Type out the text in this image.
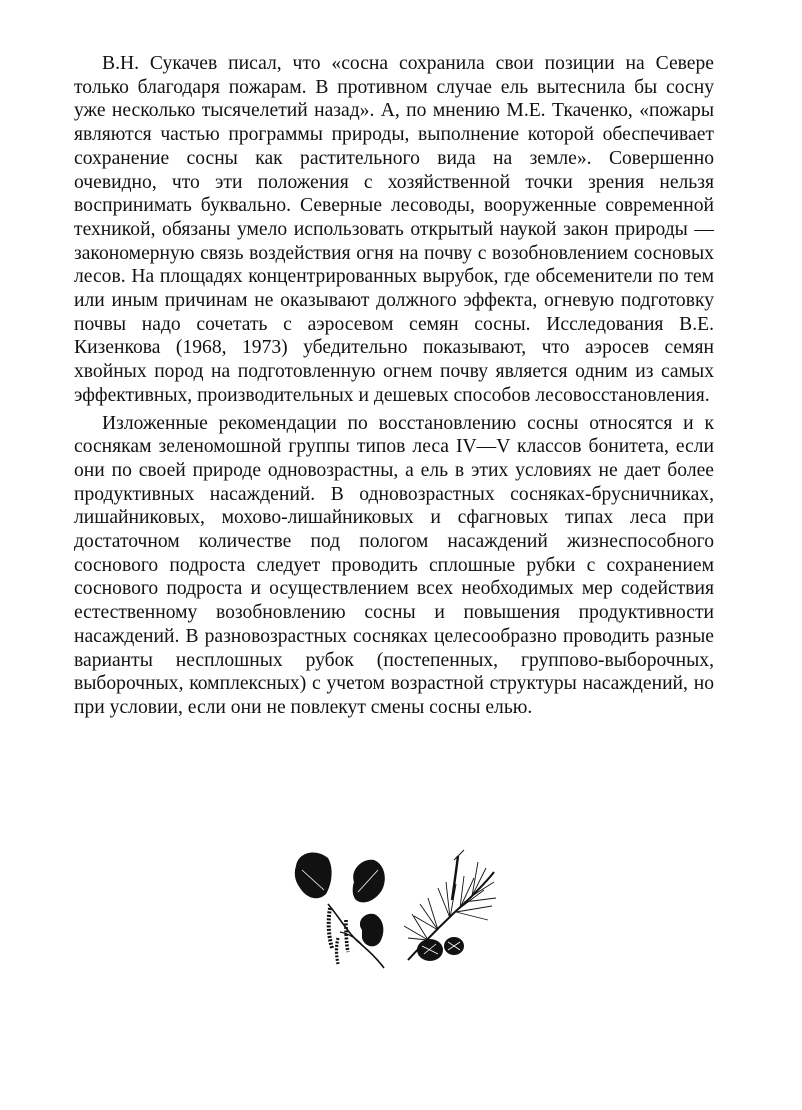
В.Н. Сукачев писал, что «сосна сохранила свои позиции на Севере только благодаря пожарам. В противном случае ель вытеснила бы сосну уже несколько тысячелетий назад». А, по мнению М.Е. Ткаченко, «пожары являются частью программы природы, выполнение которой обеспечивает сохранение сосны как растительного вида на земле». Совершенно очевидно, что эти положения с хозяйственной точки зрения нельзя воспринимать буквально. Северные лесоводы, вооруженные современной техникой, обязаны умело использовать открытый наукой закон природы — закономерную связь воздействия огня на почву с возобновлением сосновых лесов. На площадях концентрированных вырубок, где обсеменители по тем или иным причинам не оказывают должного эффекта, огневую подготовку почвы надо сочетать с аэросевом семян сосны. Исследования В.Е. Кизенкова (1968, 1973) убедительно показывают, что аэросев семян хвойных пород на подготовленную огнем почву является одним из самых эффективных, производительных и дешевых способов лесовосстановления.

Изложенные рекомендации по восстановлению сосны относятся и к соснякам зеленомошной группы типов леса IV—V классов бонитета, если они по своей природе одновозрастны, а ель в этих условиях не дает более продуктивных насаждений. В одновозрастных сосняках-брусничниках, лишайниковых, мохово-лишайниковых и сфагновых типах леса при достаточном количестве под пологом насаждений жизнеспособного соснового подроста следует проводить сплошные рубки с сохранением соснового подроста и осуществлением всех необходимых мер содействия естественному возобновлению сосны и повышения продуктивности насаждений. В разновозрастных сосняках целесообразно проводить разные варианты несплошных рубок (постепенных, группово-выборочных, выборочных, комплексных) с учетом возрастной структуры насаждений, но при условии, если они не повлекут смены сосны елью.
